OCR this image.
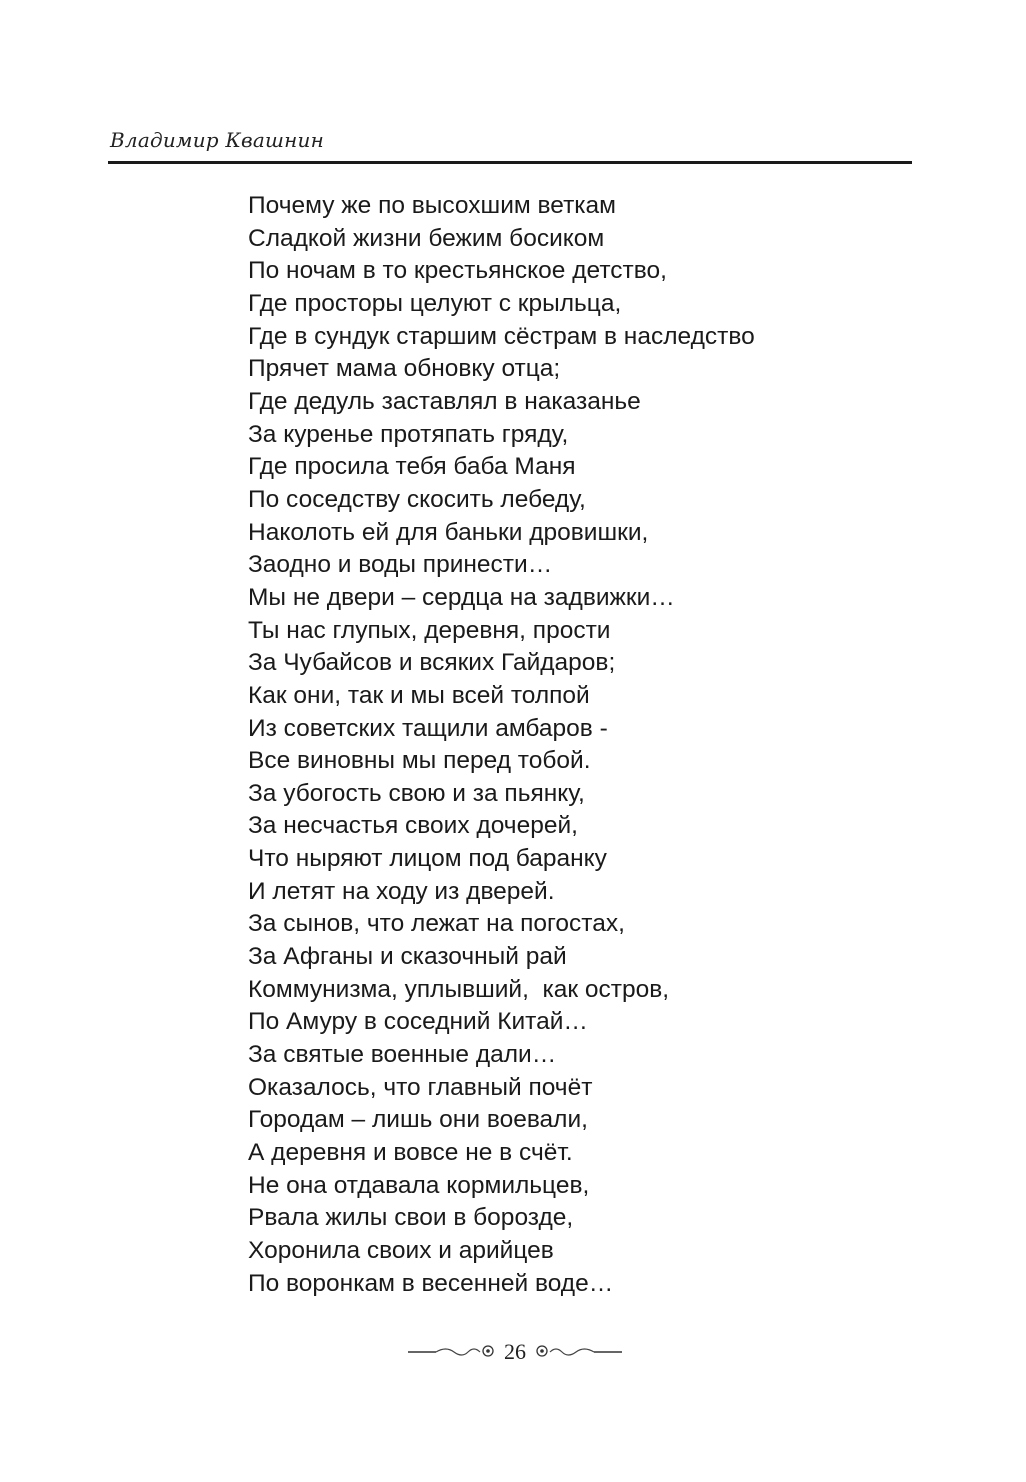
Владимир Квашнин
Почему же по высохшим веткам
Сладкой жизни бежим босиком
По ночам в то крестьянское детство,
Где просторы целуют с крыльца,
Где в сундук старшим сёстрам в наследство
Прячет мама обновку отца;
Где дедуль заставлял в наказанье
За куренье протяпать гряду,
Где просила тебя баба Маня
По соседству скосить лебеду,
Наколоть ей для баньки дровишки,
Заодно и воды принести…
Мы не двери – сердца на задвижки…
Ты нас глупых, деревня, прости
За Чубайсов и всяких Гайдаров;
Как они, так и мы всей толпой
Из советских тащили амбаров -
Все виновны мы перед тобой.
За убогость свою и за пьянку,
За несчастья своих дочерей,
Что ныряют лицом под баранку
И летят на ходу из дверей.
За сынов, что лежат на погостах,
За Афганы и сказочный рай
Коммунизма, уплывший,  как остров,
По Амуру в соседний Китай…
За святые военные дали…
Оказалось, что главный почёт
Городам – лишь они воевали,
А деревня и вовсе не в счёт.
Не она отдавала кормильцев,
Рвала жилы свои в борозде,
Хоронила своих и арийцев
По воронкам в весенней воде…
26
